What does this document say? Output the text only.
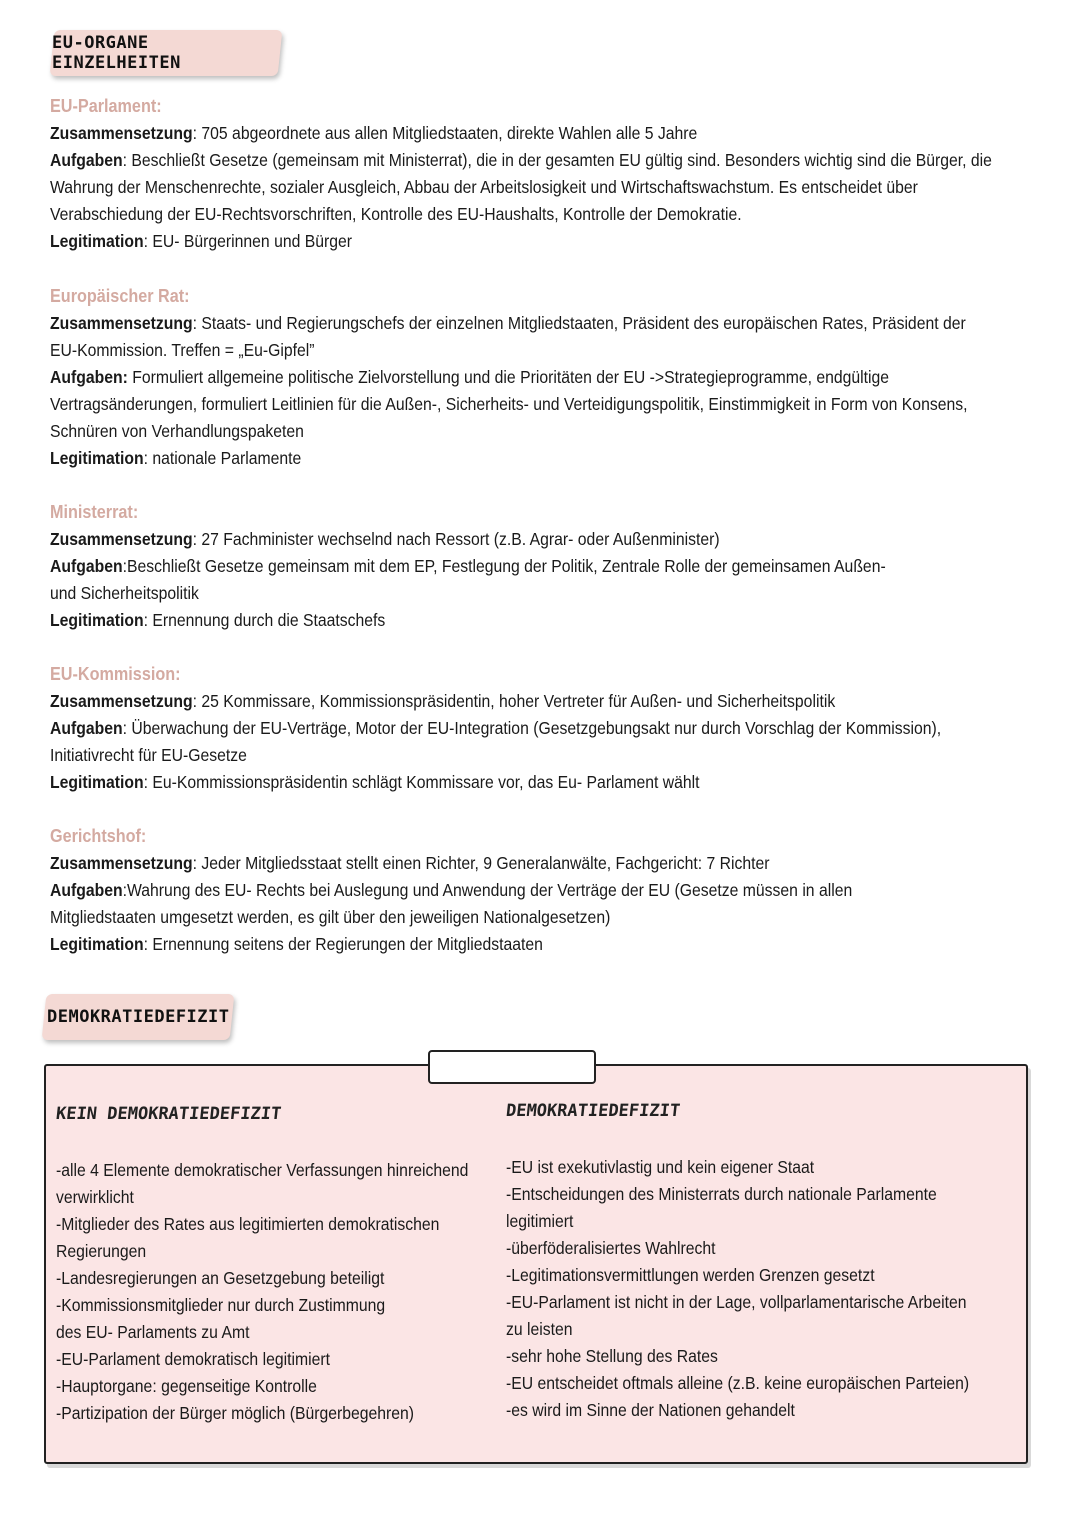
EU-ORGANE EINZELHEITEN
EU-Parlament:
Zusammensetzung: 705 abgeordnete aus allen Mitgliedstaaten, direkte Wahlen alle 5 Jahre
Aufgaben: Beschließt Gesetze (gemeinsam mit Ministerrat), die in der gesamten EU gültig sind. Besonders wichtig sind die Bürger, die Wahrung der Menschenrechte, sozialer Ausgleich, Abbau der Arbeitslosigkeit und Wirtschaftswachstum. Es entscheidet über Verabschiedung der EU-Rechtsvorschriften, Kontrolle des EU-Haushalts, Kontrolle der Demokratie.
Legitimation: EU- Bürgerinnen und Bürger
Europäischer Rat:
Zusammensetzung: Staats- und Regierungschefs der einzelnen Mitgliedstaaten, Präsident des europäischen Rates, Präsident der EU-Kommission. Treffen = „Eu-Gipfel”
Aufgaben: Formuliert allgemeine politische Zielvorstellung und die Prioritäten der EU ->Strategieprogramme, endgültige Vertragsänderungen, formuliert Leitlinien für die Außen-, Sicherheits- und Verteidigungspolitik, Einstimmigkeit in Form von Konsens, Schnüren von Verhandlungspaketen
Legitimation: nationale Parlamente
Ministerrat:
Zusammensetzung: 27 Fachminister wechselnd nach Ressort (z.B. Agrar- oder Außenminister)
Aufgaben:Beschließt Gesetze gemeinsam mit dem EP, Festlegung der Politik, Zentrale Rolle der gemeinsamen Außen- und Sicherheitspolitik
Legitimation: Ernennung durch die Staatschefs
EU-Kommission:
Zusammensetzung: 25 Kommissare, Kommissionspräsidentin, hoher Vertreter für Außen- und Sicherheitspolitik
Aufgaben: Überwachung der EU-Verträge, Motor der EU-Integration (Gesetzgebungsakt nur durch Vorschlag der Kommission), Initiativrecht für EU-Gesetze
Legitimation: Eu-Kommissionspräsidentin schlägt Kommissare vor, das Eu- Parlament wählt
Gerichtshof:
Zusammensetzung: Jeder Mitgliedsstaat stellt einen Richter, 9 Generalanwälte, Fachgericht: 7 Richter
Aufgaben:Wahrung des EU- Rechts bei Auslegung und Anwendung der Verträge der EU (Gesetze müssen in allen Mitgliedstaaten umgesetzt werden, es gilt über den jeweiligen Nationalgesetzen)
Legitimation: Ernennung seitens der Regierungen der Mitgliedstaaten
DEMOKRATIEDEFIZIT
KEIN DEMOKRATIEDEFIZIT	DEMOKRATIEDEFIZIT
-alle 4 Elemente demokratischer Verfassungen hinreichend verwirklicht
-Mitglieder des Rates aus legitimierten demokratischen Regierungen
-Landesregierungen an Gesetzgebung beteiligt
-Kommissionsmitglieder nur durch Zustimmung des EU- Parlaments zu Amt
-EU-Parlament demokratisch legitimiert
-Hauptorgane: gegenseitige Kontrolle
-Partizipation der Bürger möglich (Bürgerbegehren)
-EU ist exekutivlastig und kein eigener Staat
-Entscheidungen des Ministerrats durch nationale Parlamente legitimiert
-überföderalisiertes Wahlrecht
-Legitimationsvermittlungen werden Grenzen gesetzt
-EU-Parlament ist nicht in der Lage, vollparlamentarische Arbeiten zu leisten
-sehr hohe Stellung des Rates
-EU entscheidet oftmals alleine (z.B. keine europäischen Parteien)
-es wird im Sinne der Nationen gehandelt
